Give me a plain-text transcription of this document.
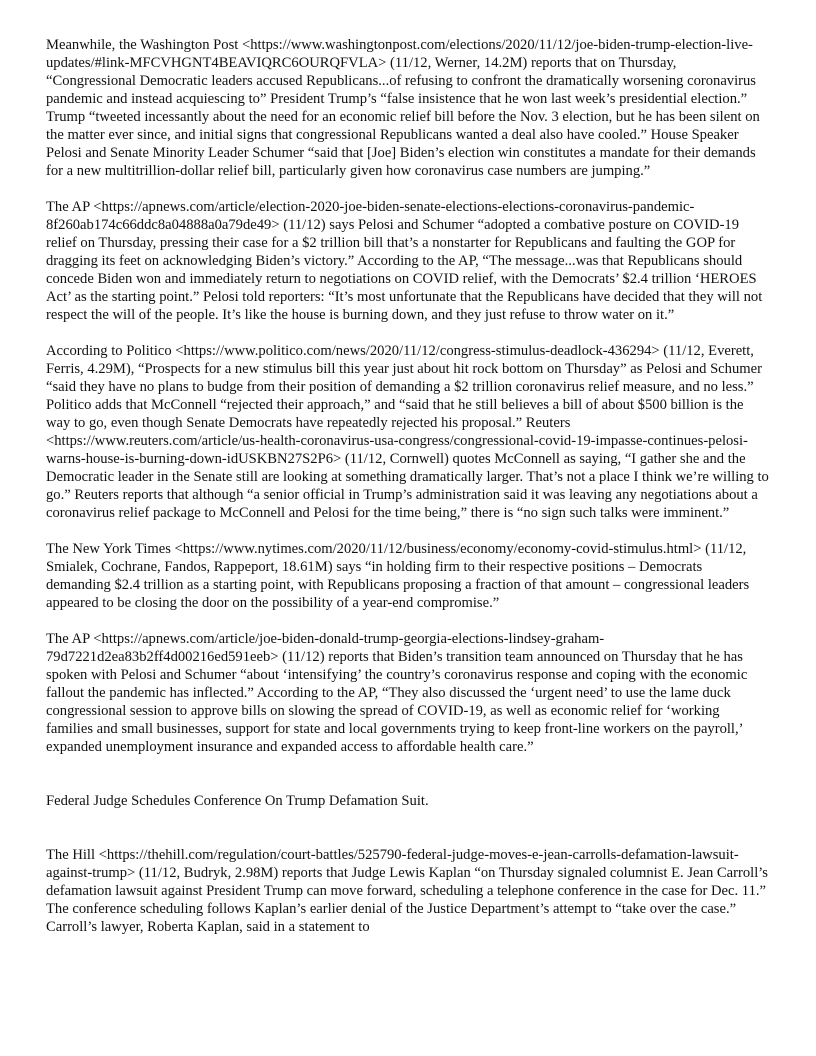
Meanwhile, the Washington Post <https://www.washingtonpost.com/elections/2020/11/12/joe-biden-trump-election-live-updates/#link-MFCVHGNT4BEAVIQRC6OURQFVLA> (11/12, Werner, 14.2M) reports that on Thursday, “Congressional Democratic leaders accused Republicans...of refusing to confront the dramatically worsening coronavirus pandemic and instead acquiescing to” President Trump’s “false insistence that he won last week’s presidential election.” Trump “tweeted incessantly about the need for an economic relief bill before the Nov. 3 election, but he has been silent on the matter ever since, and initial signs that congressional Republicans wanted a deal also have cooled.” House Speaker Pelosi and Senate Minority Leader Schumer “said that [Joe] Biden’s election win constitutes a mandate for their demands for a new multitrillion-dollar relief bill, particularly given how coronavirus case numbers are jumping.”

The AP <https://apnews.com/article/election-2020-joe-biden-senate-elections-elections-coronavirus-pandemic-8f260ab174c66ddc8a04888a0a79de49> (11/12) says Pelosi and Schumer “adopted a combative posture on COVID-19 relief on Thursday, pressing their case for a $2 trillion bill that’s a nonstarter for Republicans and faulting the GOP for dragging its feet on acknowledging Biden’s victory.” According to the AP, “The message...was that Republicans should concede Biden won and immediately return to negotiations on COVID relief, with the Democrats’ $2.4 trillion ‘HEROES Act’ as the starting point.” Pelosi told reporters: “It’s most unfortunate that the Republicans have decided that they will not respect the will of the people. It’s like the house is burning down, and they just refuse to throw water on it.”

According to Politico <https://www.politico.com/news/2020/11/12/congress-stimulus-deadlock-436294> (11/12, Everett, Ferris, 4.29M), “Prospects for a new stimulus bill this year just about hit rock bottom on Thursday” as Pelosi and Schumer “said they have no plans to budge from their position of demanding a $2 trillion coronavirus relief measure, and no less.” Politico adds that McConnell “rejected their approach,” and “said that he still believes a bill of about $500 billion is the way to go, even though Senate Democrats have repeatedly rejected his proposal.” Reuters <https://www.reuters.com/article/us-health-coronavirus-usa-congress/congressional-covid-19-impasse-continues-pelosi-warns-house-is-burning-down-idUSKBN27S2P6> (11/12, Cornwell) quotes McConnell as saying, “I gather she and the Democratic leader in the Senate still are looking at something dramatically larger. That’s not a place I think we’re willing to go.” Reuters reports that although “a senior official in Trump’s administration said it was leaving any negotiations about a coronavirus relief package to McConnell and Pelosi for the time being,” there is “no sign such talks were imminent.”

The New York Times <https://www.nytimes.com/2020/11/12/business/economy/economy-covid-stimulus.html> (11/12, Smialek, Cochrane, Fandos, Rappeport, 18.61M) says “in holding firm to their respective positions – Democrats demanding $2.4 trillion as a starting point, with Republicans proposing a fraction of that amount – congressional leaders appeared to be closing the door on the possibility of a year-end compromise.”

The AP <https://apnews.com/article/joe-biden-donald-trump-georgia-elections-lindsey-graham-79d7221d2ea83b2ff4d00216ed591eeb> (11/12) reports that Biden’s transition team announced on Thursday that he has spoken with Pelosi and Schumer “about ‘intensifying’ the country’s coronavirus response and coping with the economic fallout the pandemic has inflected.” According to the AP, “They also discussed the ‘urgent need’ to use the lame duck congressional session to approve bills on slowing the spread of COVID-19, as well as economic relief for ‘working families and small businesses, support for state and local governments trying to keep front-line workers on the payroll,’ expanded unemployment insurance and expanded access to affordable health care.”

Federal Judge Schedules Conference On Trump Defamation Suit.

The Hill <https://thehill.com/regulation/court-battles/525790-federal-judge-moves-e-jean-carrolls-defamation-lawsuit-against-trump> (11/12, Budryk, 2.98M) reports that Judge Lewis Kaplan “on Thursday signaled columnist E. Jean Carroll’s defamation lawsuit against President Trump can move forward, scheduling a telephone conference in the case for Dec. 11.” The conference scheduling follows Kaplan’s earlier denial of the Justice Department’s attempt to “take over the case.” Carroll’s lawyer, Roberta Kaplan, said in a statement to
